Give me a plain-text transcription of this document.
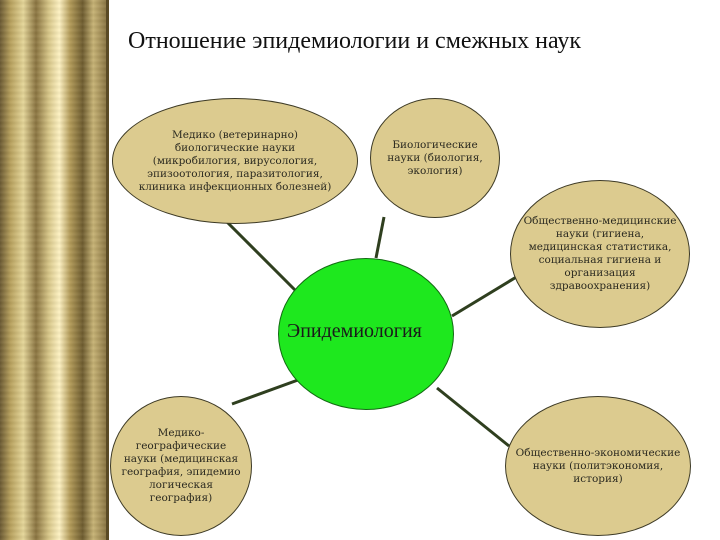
Отношение эпидемиологии и смежных наук
Эпидемиология
Медико (ветеринарно) биологические науки (микробилогия, вирусология, эпизоотология, паразитология, клиника инфекционных болезней)
Биологические науки (биология, экология)
Общественно-медицинские науки (гигиена, медицинская статистика, социальная гигиена и организация здравоохранения)
Медико-географические науки (медицинская география, эпидемио логическая география)
Общественно-экономические науки (политэкономия, история)
